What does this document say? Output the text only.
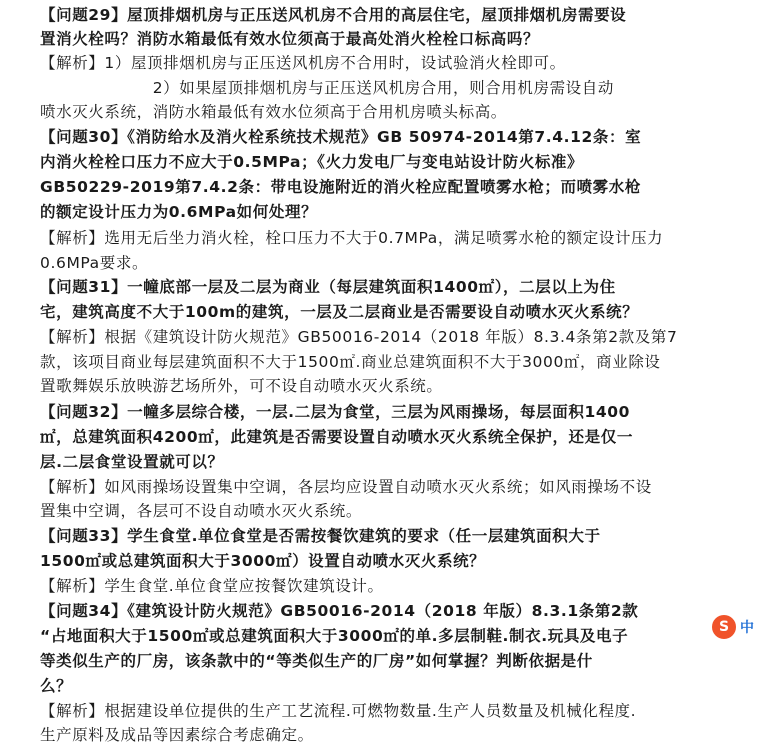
【问题29】屋顶排烟机房与正压送风机房不合用的高层住宅，屋顶排烟机房需要设
置消火栓吗？消防水箱最低有效水位须高于最高处消火栓栓口标高吗？
【解析】1）屋顶排烟机房与正压送风机房不合用时，设试验消火栓即可。
　　　　　　　2）如果屋顶排烟机房与正压送风机房合用，则合用机房需设自动
喷水灭火系统，消防水箱最低有效水位须高于合用机房喷头标高。
【问题30】《消防给水及消火栓系统技术规范》GB 50974-2014第7.4.12条：室
内消火栓栓口压力不应大于0.5MPa；《火力发电厂与变电站设计防火标准》
GB50229-2019第7.4.2条：带电设施附近的消火栓应配置喷雾水枪；而喷雾水枪
的额定设计压力为0.6MPa如何处理？
【解析】选用无后坐力消火栓，栓口压力不大于0.7MPa，满足喷雾水枪的额定设计压力
0.6MPa要求。
【问题31】一幢底部一层及二层为商业（每层建筑面积1400㎡），二层以上为住
宅，建筑高度不大于100m的建筑，一层及二层商业是否需要设自动喷水灭火系统？
【解析】根据《建筑设计防火规范》GB50016-2014（2018 年版）8.3.4条第2款及第7
款，该项目商业每层建筑面积不大于1500㎡.商业总建筑面积不大于3000㎡，商业除设
置歌舞娱乐放映游艺场所外，可不设自动喷水灭火系统。
【问题32】一幢多层综合楼，一层.二层为食堂，三层为风雨操场，每层面积1400
㎡，总建筑面积4200㎡，此建筑是否需要设置自动喷水灭火系统全保护，还是仅一
层.二层食堂设置就可以？
【解析】如风雨操场设置集中空调，各层均应设置自动喷水灭火系统；如风雨操场不设
置集中空调，各层可不设自动喷水灭火系统。
【问题33】学生食堂.单位食堂是否需按餐饮建筑的要求（任一层建筑面积大于
1500㎡或总建筑面积大于3000㎡）设置自动喷水灭火系统？
【解析】学生食堂.单位食堂应按餐饮建筑设计。
【问题34】《建筑设计防火规范》GB50016-2014（2018 年版）8.3.1条第2款
“占地面积大于1500㎡或总建筑面积大于3000㎡的单.多层制鞋.制衣.玩具及电子
等类似生产的厂房，该条款中的“等类似生产的厂房”如何掌握？判断依据是什
么？
【解析】根据建设单位提供的生产工艺流程.可燃物数量.生产人员数量及机械化程度.
生产原料及成品等因素综合考虑确定。
S 中
